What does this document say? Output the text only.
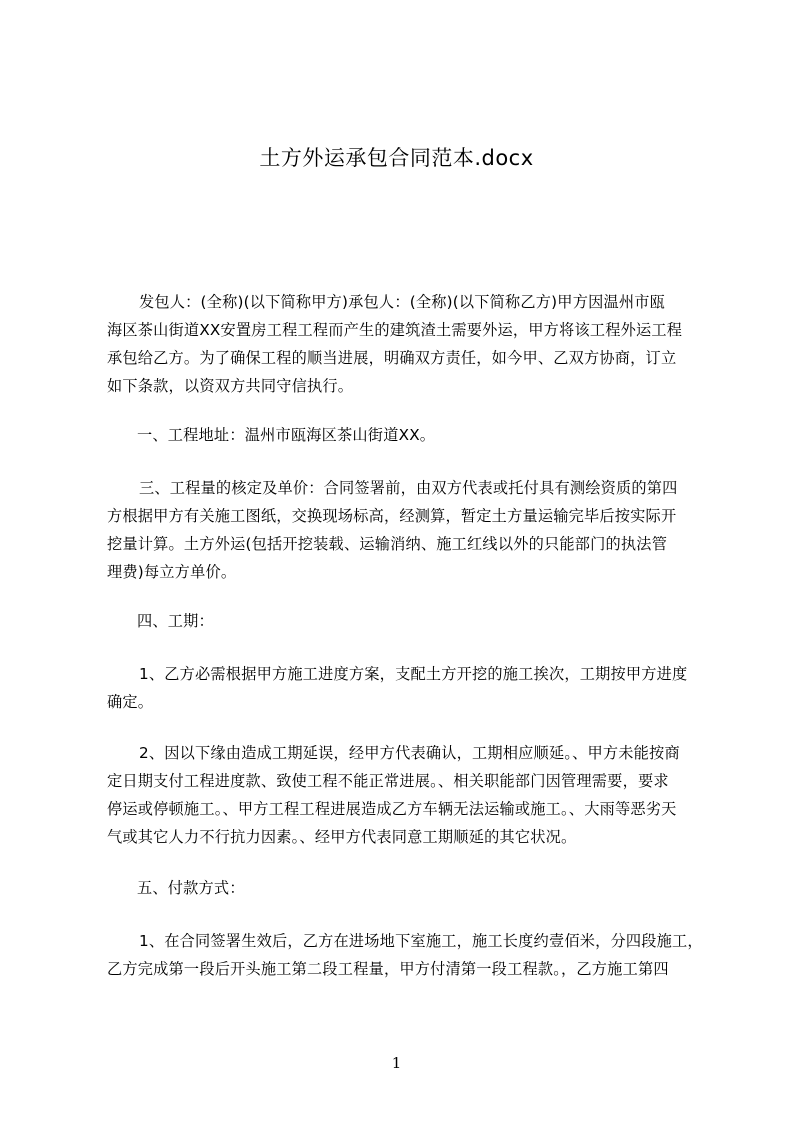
土方外运承包合同范本.docx
发包人：(全称)(以下简称甲方)承包人：(全称)(以下简称乙方)甲方因温州市瓯
海区茶山街道XX安置房工程工程而产生的建筑渣土需要外运，甲方将该工程外运工程
承包给乙方。为了确保工程的顺当进展，明确双方责任，如今甲、乙双方协商，订立
如下条款，以资双方共同守信执行。
一、工程地址：温州市瓯海区茶山街道XX。
三、工程量的核定及单价：合同签署前，由双方代表或托付具有测绘资质的第四
方根据甲方有关施工图纸，交换现场标高，经测算，暂定土方量运输完毕后按实际开
挖量计算。土方外运(包括开挖装载、运输消纳、施工红线以外的只能部门的执法管
理费)每立方单价。
四、工期：
1、乙方必需根据甲方施工进度方案，支配土方开挖的施工挨次，工期按甲方进度
确定。
2、因以下缘由造成工期延误，经甲方代表确认，工期相应顺延。、甲方未能按商
定日期支付工程进度款、致使工程不能正常进展。、相关职能部门因管理需要，要求
停运或停顿施工。、甲方工程工程进展造成乙方车辆无法运输或施工。、大雨等恶劣天
气或其它人力不行抗力因素。、经甲方代表同意工期顺延的其它状况。
五、付款方式：
1、在合同签署生效后，乙方在进场地下室施工，施工长度约壹佰米，分四段施工，
乙方完成第一段后开头施工第二段工程量，甲方付清第一段工程款。，乙方施工第四
1
